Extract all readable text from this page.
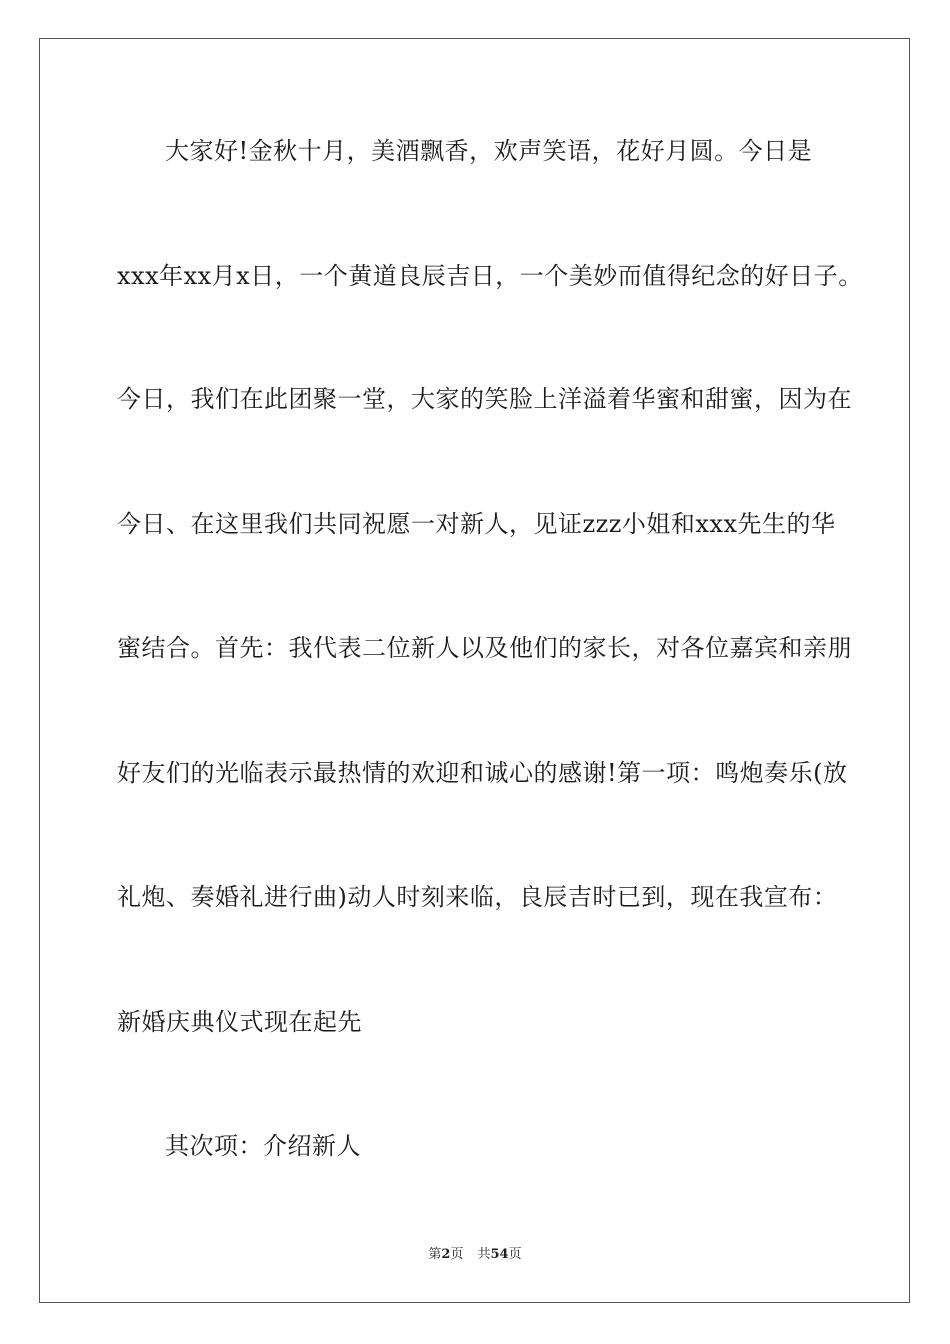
大家好!金秋十月，美酒飘香，欢声笑语，花好月圆。今日是
xxx年xx月x日，一个黄道良辰吉日，一个美妙而值得纪念的好日子。
今日，我们在此团聚一堂，大家的笑脸上洋溢着华蜜和甜蜜，因为在
今日、在这里我们共同祝愿一对新人，见证zzz小姐和xxx先生的华
蜜结合。首先：我代表二位新人以及他们的家长，对各位嘉宾和亲朋
好友们的光临表示最热情的欢迎和诚心的感谢!第一项：鸣炮奏乐(放
礼炮、奏婚礼进行曲)动人时刻来临，良辰吉时已到，现在我宣布：
新婚庆典仪式现在起先
其次项：介绍新人
第2页 共54页
